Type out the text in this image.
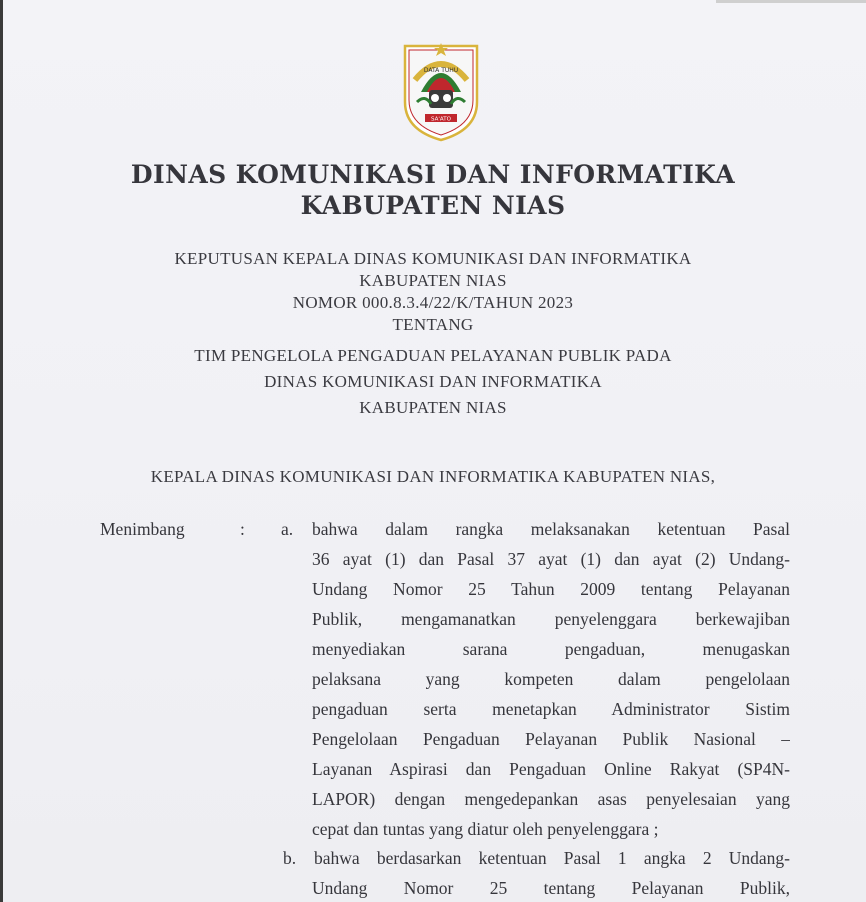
DATA TUHU
SA'ATO
DINAS KOMUNIKASI DAN INFORMATIKA
KABUPATEN NIAS
KEPUTUSAN KEPALA DINAS KOMUNIKASI DAN INFORMATIKA
KABUPATEN NIAS
NOMOR 000.8.3.4/22/K/TAHUN 2023
TENTANG
TIM PENGELOLA PENGADUAN PELAYANAN PUBLIK PADA
DINAS KOMUNIKASI DAN INFORMATIKA
KABUPATEN NIAS
KEPALA DINAS KOMUNIKASI DAN INFORMATIKA KABUPATEN NIAS,
Menimbang	: a. bahwa dalam rangka melaksanakan ketentuan Pasal
36 ayat (1) dan Pasal 37 ayat (1) dan ayat (2) Undang-
Undang Nomor 25 Tahun 2009 tentang Pelayanan
Publik, mengamanatkan penyelenggara berkewajiban
menyediakan sarana pengaduan, menugaskan
pelaksana yang kompeten dalam pengelolaan
pengaduan serta menetapkan Administrator Sistim
Pengelolaan Pengaduan Pelayanan Publik Nasional –
Layanan Aspirasi dan Pengaduan Online Rakyat (SP4N-
LAPOR) dengan mengedepankan asas penyelesaian yang
cepat dan tuntas yang diatur oleh penyelenggara ;
b. bahwa berdasarkan ketentuan Pasal 1 angka 2 Undang-
Undang Nomor 25 tentang Pelayanan Publik,
